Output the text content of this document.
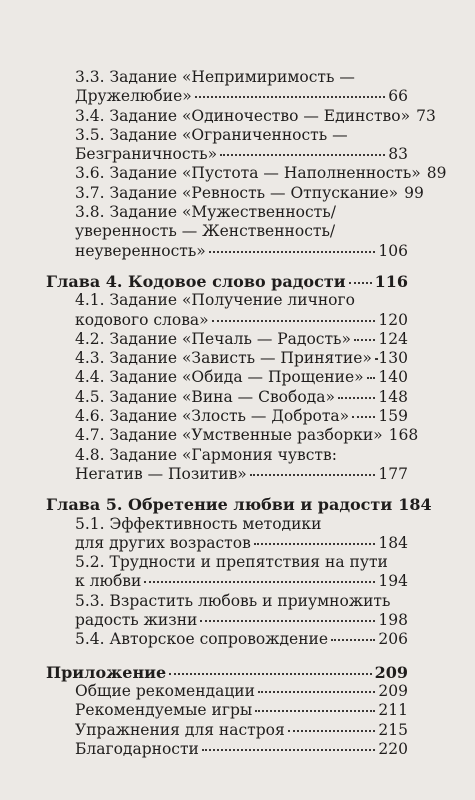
3.3. Задание «Непримиримость —
Дружелюбие»	66
3.4. Задание «Одиночество — Единство» 73
3.5. Задание «Ограниченность —
Безграничность»	83
3.6. Задание «Пустота — Наполненность» 89
3.7. Задание «Ревность — Отпускание» 99
3.8. Задание «Мужественность/
уверенность — Женственность/
неуверенность»	106
Глава 4. Кодовое слово радости 116
4.1. Задание «Получение личного
кодового слова»	120
4.2. Задание «Печаль — Радость» 124
4.3. Задание «Зависть — Принятие» 130
4.4. Задание «Обида — Прощение» 140
4.5. Задание «Вина — Свобода»	148
4.6. Задание «Злость — Доброта» 159
4.7. Задание «Умственные разборки» 168
4.8. Задание «Гармония чувств:
Негатив — Позитив»	177
Глава 5. Обретение любви и радости 184
5.1. Эффективность методики
для других возрастов	184
5.2. Трудности и препятствия на пути
к любви	194
5.3. Взрастить любовь и приумножить
радость жизни	198
5.4. Авторское сопровождение	206
Приложение	209
Общие рекомендации	209
Рекомендуемые игры	211
Упражнения для настроя	215
Благодарности	220
